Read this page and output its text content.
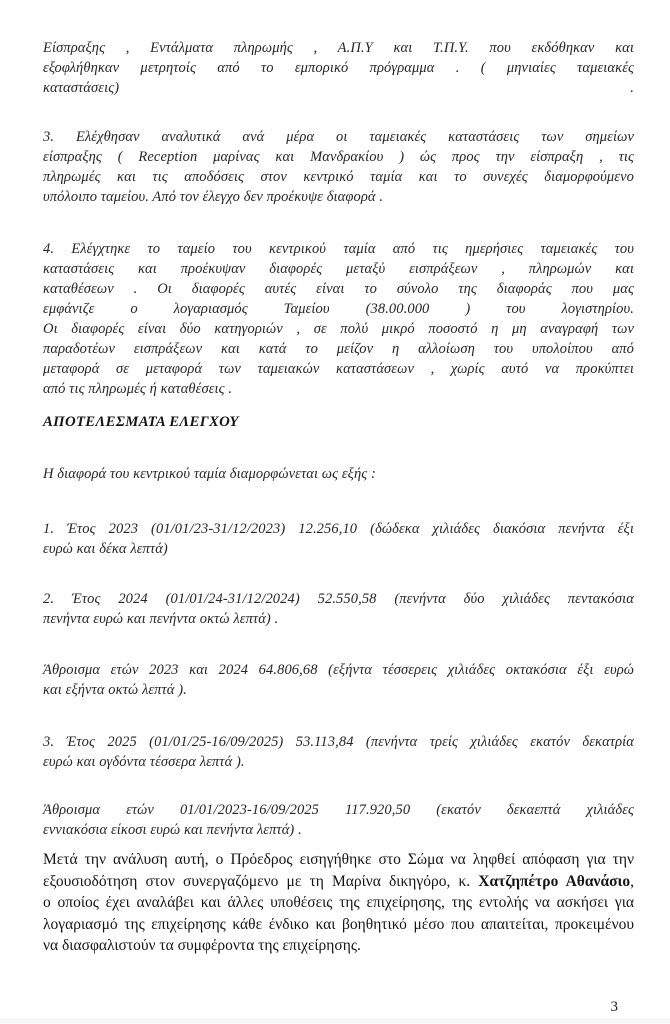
Είσπραξης , Εντάλματα πληρωμής , Α.Π.Υ και Τ.Π.Υ. που εκδόθηκαν και
εξοφλήθηκαν μετρητοίς από το εμπορικό πρόγραμμα . ( μηνιαίες ταμειακές
καταστάσεις)	.
3. Ελέχθησαν αναλυτικά ανά μέρα οι ταμειακές καταστάσεις των σημείων
είσπραξης ( Reception μαρίνας και Μανδρακίου ) ώς προς την είσπραξη , τις
πληρωμές και τις αποδόσεις στον κεντρικό ταμία και το συνεχές διαμορφούμενο
υπόλοιπο ταμείου. Από τον έλεγχο δεν προέκυψε διαφορά .
4. Ελέγχτηκε το ταμείο του κεντρικού ταμία από τις ημερήσιες ταμειακές του
καταστάσεις και προέκυψαν διαφορές μεταξύ εισπράξεων , πληρωμών και
καταθέσεων . Οι διαφορές αυτές είναι το σύνολο της διαφοράς που μας
εμφάνιζε ο λογαριασμός Ταμείου (38.00.000 ) του λογιστηρίου.
Οι διαφορές είναι δύο κατηγοριών , σε πολύ μικρό ποσοστό η μη αναγραφή των
παραδοτέων εισπράξεων και κατά το μείζον η αλλοίωση του υπολοίπου από
μεταφορά σε μεταφορά των ταμειακών καταστάσεων , χωρίς αυτό να προκύπτει
από τις πληρωμές ή καταθέσεις .
ΑΠΟΤΕΛΕΣΜΑΤΑ ΕΛΕΓΧΟΥ
Η διαφορά του κεντρικού ταμία διαμορφώνεται ως εξής :
1. Έτος 2023 (01/01/23-31/12/2023) 12.256,10 (δώδεκα χιλιάδες διακόσια πενήντα έξι
ευρώ και δέκα λεπτά)
2. Έτος 2024 (01/01/24-31/12/2024) 52.550,58 (πενήντα δύο χιλιάδες πεντακόσια
πενήντα ευρώ και πενήντα οκτώ λεπτά) .
Άθροισμα ετών 2023 και 2024 64.806,68 (εξήντα τέσσερεις χιλιάδες οκτακόσια έξι ευρώ
και εξήντα οκτώ λεπτά ).
3. Έτος 2025 (01/01/25-16/09/2025) 53.113,84 (πενήντα τρείς χιλιάδες εκατόν δεκατρία
ευρώ και ογδόντα τέσσερα λεπτά ).
Άθροισμα ετών 01/01/2023-16/09/2025 117.920,50 (εκατόν δεκαεπτά χιλιάδες
εννιακόσια είκοσι ευρώ και πενήντα λεπτά) .
Μετά την ανάλυση αυτή, ο Πρόεδρος εισηγήθηκε στο Σώμα να ληφθεί απόφαση για την
εξουσιοδότηση στον συνεργαζόμενο με τη Μαρίνα δικηγόρο, κ. Χατζηπέτρο Αθανάσιο,
ο οποίος έχει αναλάβει και άλλες υποθέσεις της επιχείρησης, της εντολής να ασκήσει για
λογαριασμό της επιχείρησης κάθε ένδικο και βοηθητικό μέσο που απαιτείται, προκειμένου
να διασφαλιστούν τα συμφέροντα της επιχείρησης.
3
